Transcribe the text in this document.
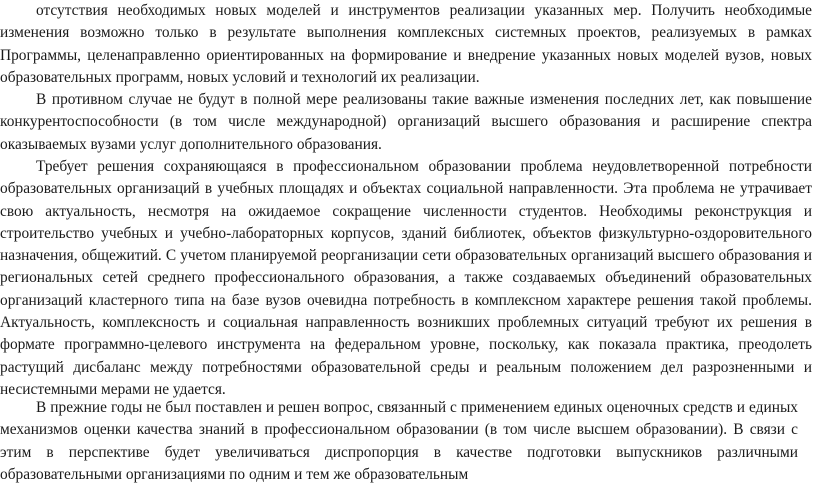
отсутствия необходимых новых моделей и инструментов реализации указанных мер. Получить необходимые изменения возможно только в результате выполнения комплексных системных проектов, реализуемых в рамках Программы, целенаправленно ориентированных на формирование и внедрение указанных новых моделей вузов, новых образовательных программ, новых условий и технологий их реализации.

В противном случае не будут в полной мере реализованы такие важные изменения последних лет, как повышение конкурентоспособности (в том числе международной) организаций высшего образования и расширение спектра оказываемых вузами услуг дополнительного образования.

Требует решения сохраняющаяся в профессиональном образовании проблема неудовлетворенной потребности образовательных организаций в учебных площадях и объектах социальной направленности. Эта проблема не утрачивает свою актуальность, несмотря на ожидаемое сокращение численности студентов. Необходимы реконструкция и строительство учебных и учебно-лабораторных корпусов, зданий библиотек, объектов физкультурно-оздоровительного назначения, общежитий. С учетом планируемой реорганизации сети образовательных организаций высшего образования и региональных сетей среднего профессионального образования, а также создаваемых объединений образовательных организаций кластерного типа на базе вузов очевидна потребность в комплексном характере решения такой проблемы. Актуальность, комплексность и социальная направленность возникших проблемных ситуаций требуют их решения в формате программно-целевого инструмента на федеральном уровне, поскольку, как показала практика, преодолеть растущий дисбаланс между потребностями образовательной среды и реальным положением дел разрозненными и несистемными мерами не удается.

В прежние годы не был поставлен и решен вопрос, связанный с применением единых оценочных средств и единых механизмов оценки качества знаний в профессиональном образовании (в том числе высшем образовании). В связи с этим в перспективе будет увеличиваться диспропорция в качестве подготовки выпускников различными образовательными организациями по одним и тем же образовательным
